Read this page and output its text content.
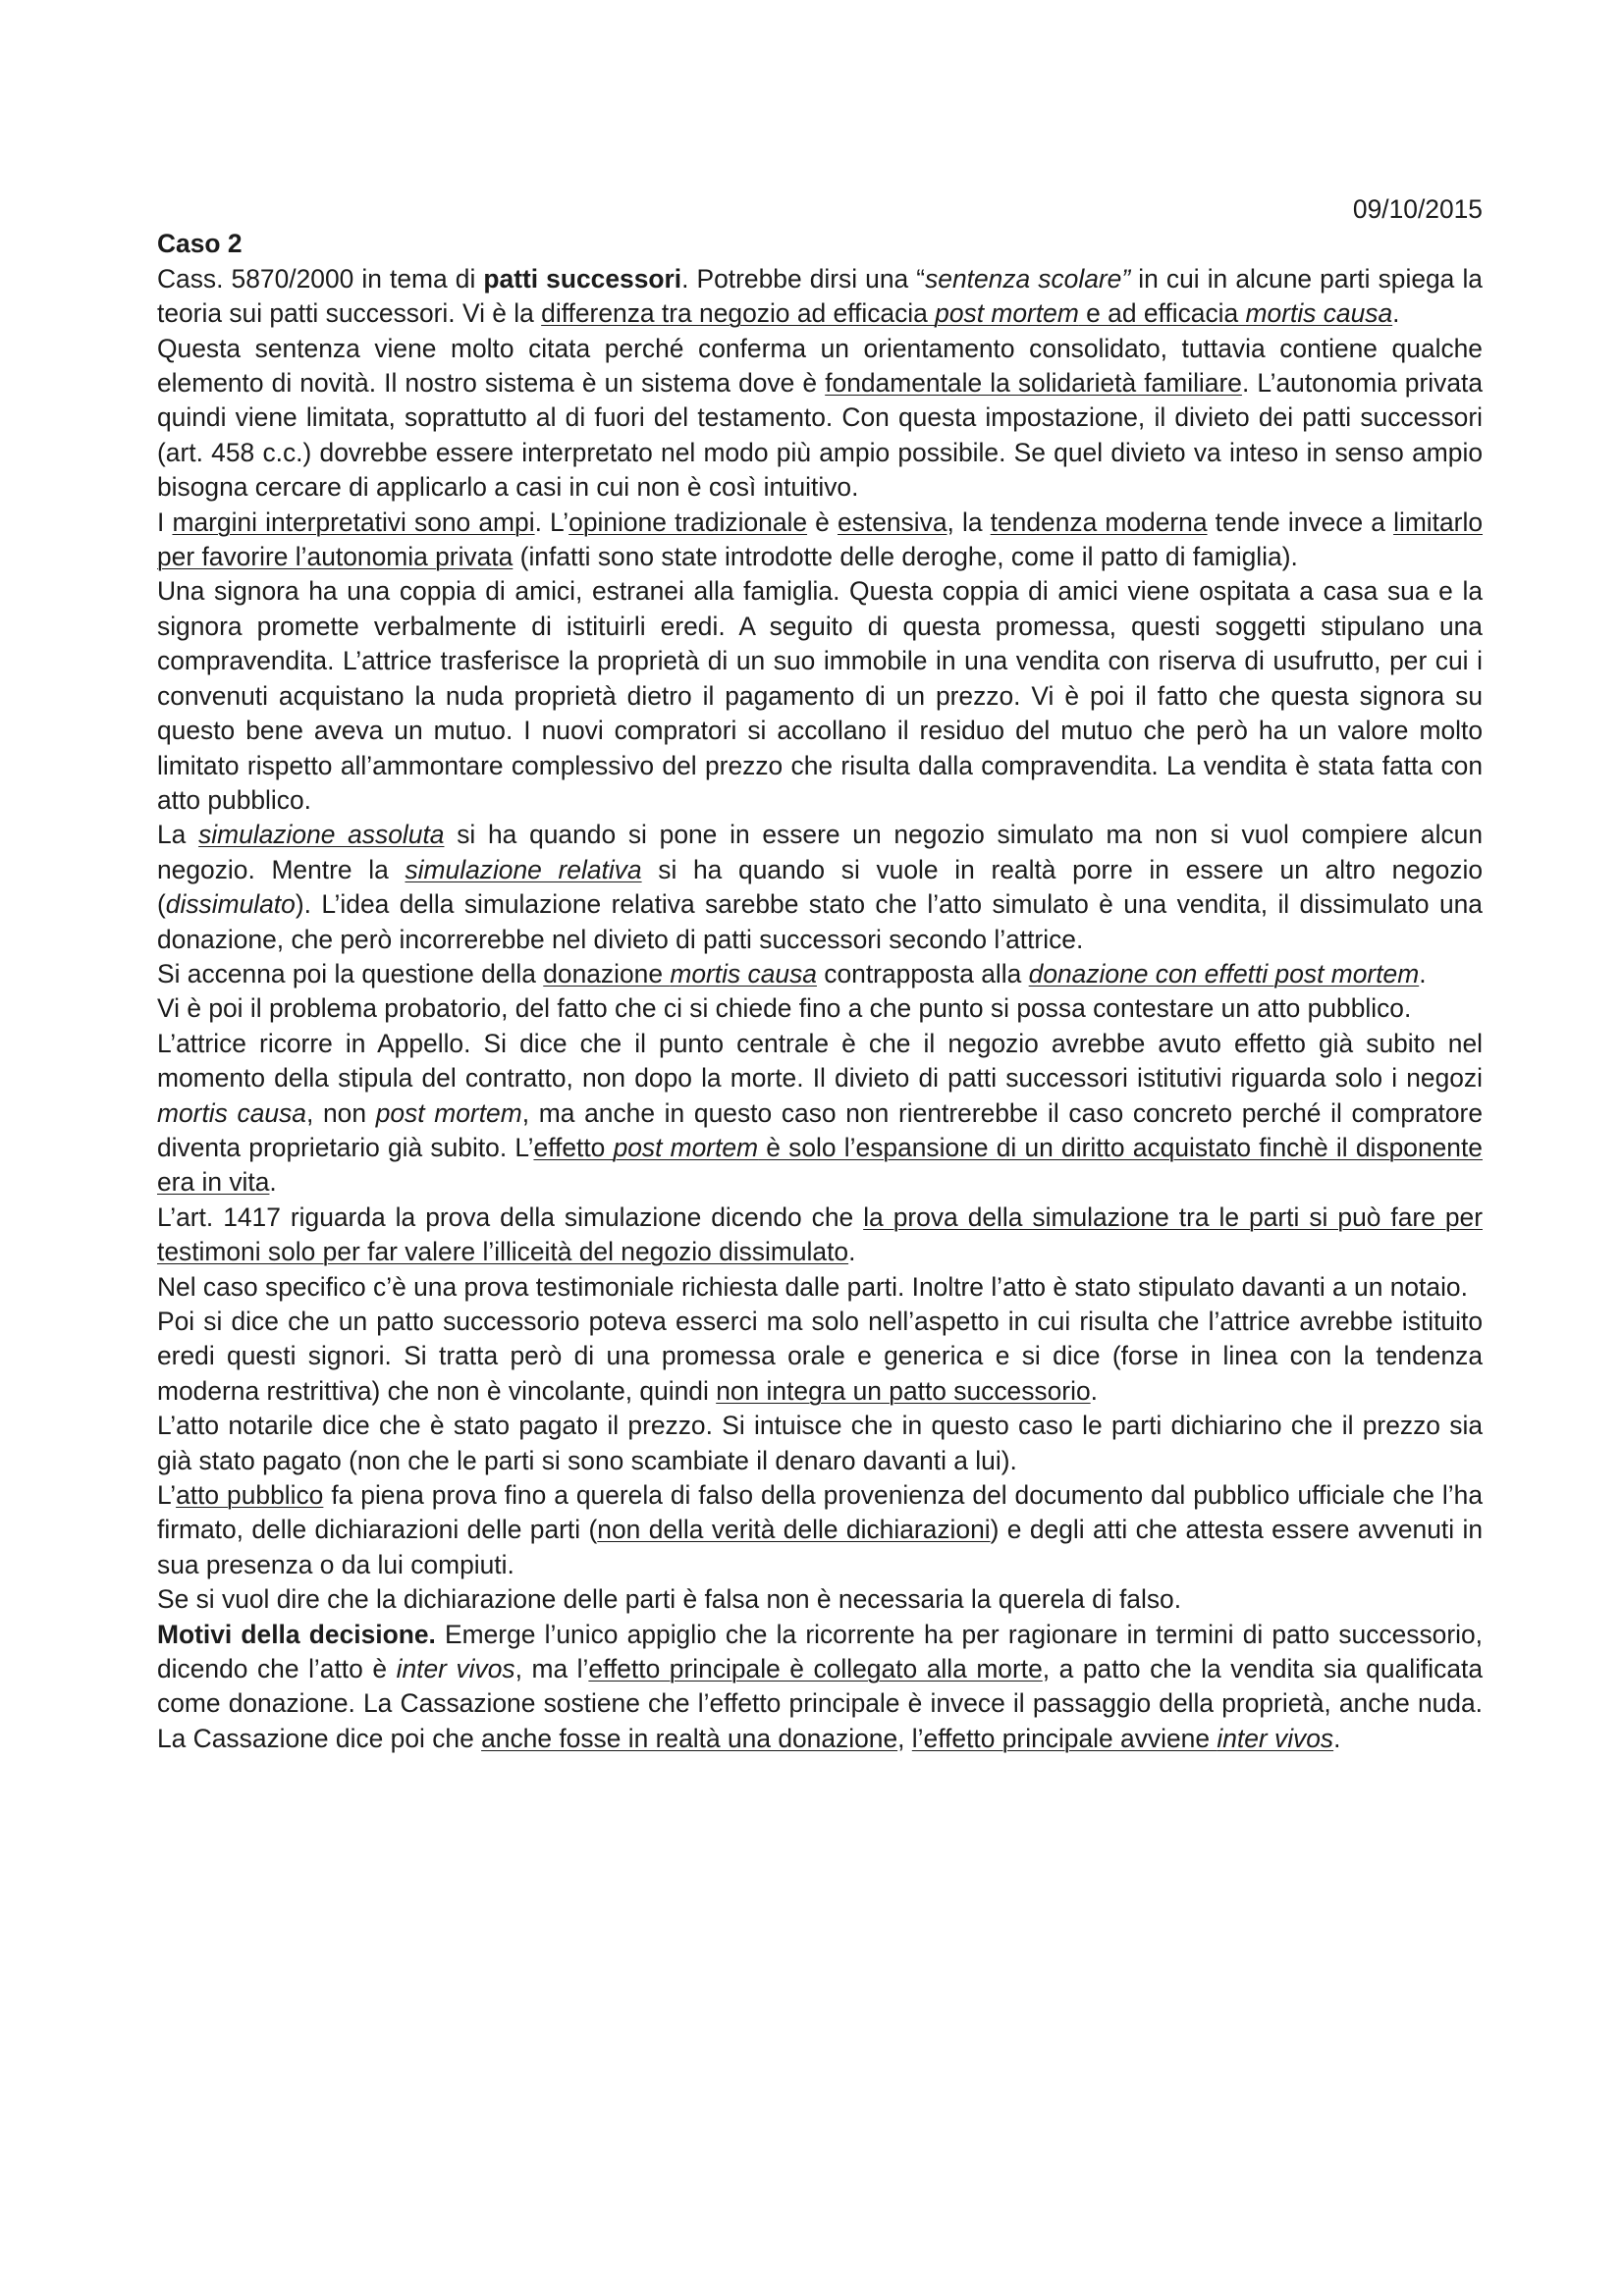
09/10/2015

Caso 2

Cass. 5870/2000 in tema di patti successori. Potrebbe dirsi una “sentenza scolare” in cui in alcune parti spiega la teoria sui patti successori. Vi è la differenza tra negozio ad efficacia post mortem e ad efficacia mortis causa.

Questa sentenza viene molto citata perché conferma un orientamento consolidato, tuttavia contiene qualche elemento di novità. Il nostro sistema è un sistema dove è fondamentale la solidarietà familiare. L’autonomia privata quindi viene limitata, soprattutto al di fuori del testamento. Con questa impostazione, il divieto dei patti successori (art. 458 c.c.) dovrebbe essere interpretato nel modo più ampio possibile. Se quel divieto va inteso in senso ampio bisogna cercare di applicarlo a casi in cui non è così intuitivo.

I margini interpretativi sono ampi. L’opinione tradizionale è estensiva, la tendenza moderna tende invece a limitarlo per favorire l’autonomia privata (infatti sono state introdotte delle deroghe, come il patto di famiglia).

Una signora ha una coppia di amici, estranei alla famiglia. Questa coppia di amici viene ospitata a casa sua e la signora promette verbalmente di istituirli eredi. A seguito di questa promessa, questi soggetti stipulano una compravendita. L’attrice trasferisce la proprietà di un suo immobile in una vendita con riserva di usufrutto, per cui i convenuti acquistano la nuda proprietà dietro il pagamento di un prezzo. Vi è poi il fatto che questa signora su questo bene aveva un mutuo. I nuovi compratori si accollano il residuo del mutuo che però ha un valore molto limitato rispetto all’ammontare complessivo del prezzo che risulta dalla compravendita. La vendita è stata fatta con atto pubblico.

La simulazione assoluta si ha quando si pone in essere un negozio simulato ma non si vuol compiere alcun negozio. Mentre la simulazione relativa si ha quando si vuole in realtà porre in essere un altro negozio (dissimulato). L’idea della simulazione relativa sarebbe stato che l’atto simulato è una vendita, il dissimulato una donazione, che però incorrerebbe nel divieto di patti successori secondo l’attrice.

Si accenna poi la questione della donazione mortis causa contrapposta alla donazione con effetti post mortem.

Vi è poi il problema probatorio, del fatto che ci si chiede fino a che punto si possa contestare un atto pubblico.

L’attrice ricorre in Appello. Si dice che il punto centrale è che il negozio avrebbe avuto effetto già subito nel momento della stipula del contratto, non dopo la morte. Il divieto di patti successori istitutivi riguarda solo i negozi mortis causa, non post mortem, ma anche in questo caso non rientrerebbe il caso concreto perché il compratore diventa proprietario già subito. L’effetto post mortem è solo l’espansione di un diritto acquistato finchè il disponente era in vita.

L’art. 1417 riguarda la prova della simulazione dicendo che la prova della simulazione tra le parti si può fare per testimoni solo per far valere l’illiceità del negozio dissimulato.

Nel caso specifico c’è una prova testimoniale richiesta dalle parti. Inoltre l’atto è stato stipulato davanti a un notaio.

Poi si dice che un patto successorio poteva esserci ma solo nell’aspetto in cui risulta che l’attrice avrebbe istituito eredi questi signori. Si tratta però di una promessa orale e generica e si dice (forse in linea con la tendenza moderna restrittiva) che non è vincolante, quindi non integra un patto successorio.

L’atto notarile dice che è stato pagato il prezzo. Si intuisce che in questo caso le parti dichiarino che il prezzo sia già stato pagato (non che le parti si sono scambiate il denaro davanti a lui).

L’atto pubblico fa piena prova fino a querela di falso della provenienza del documento dal pubblico ufficiale che l’ha firmato, delle dichiarazioni delle parti (non della verità delle dichiarazioni) e degli atti che attesta essere avvenuti in sua presenza o da lui compiuti.

Se si vuol dire che la dichiarazione delle parti è falsa non è necessaria la querela di falso.

Motivi della decisione. Emerge l’unico appiglio che la ricorrente ha per ragionare in termini di patto successorio, dicendo che l’atto è inter vivos, ma l’effetto principale è collegato alla morte, a patto che la vendita sia qualificata come donazione. La Cassazione sostiene che l’effetto principale è invece il passaggio della proprietà, anche nuda. La Cassazione dice poi che anche fosse in realtà una donazione, l’effetto principale avviene inter vivos.
